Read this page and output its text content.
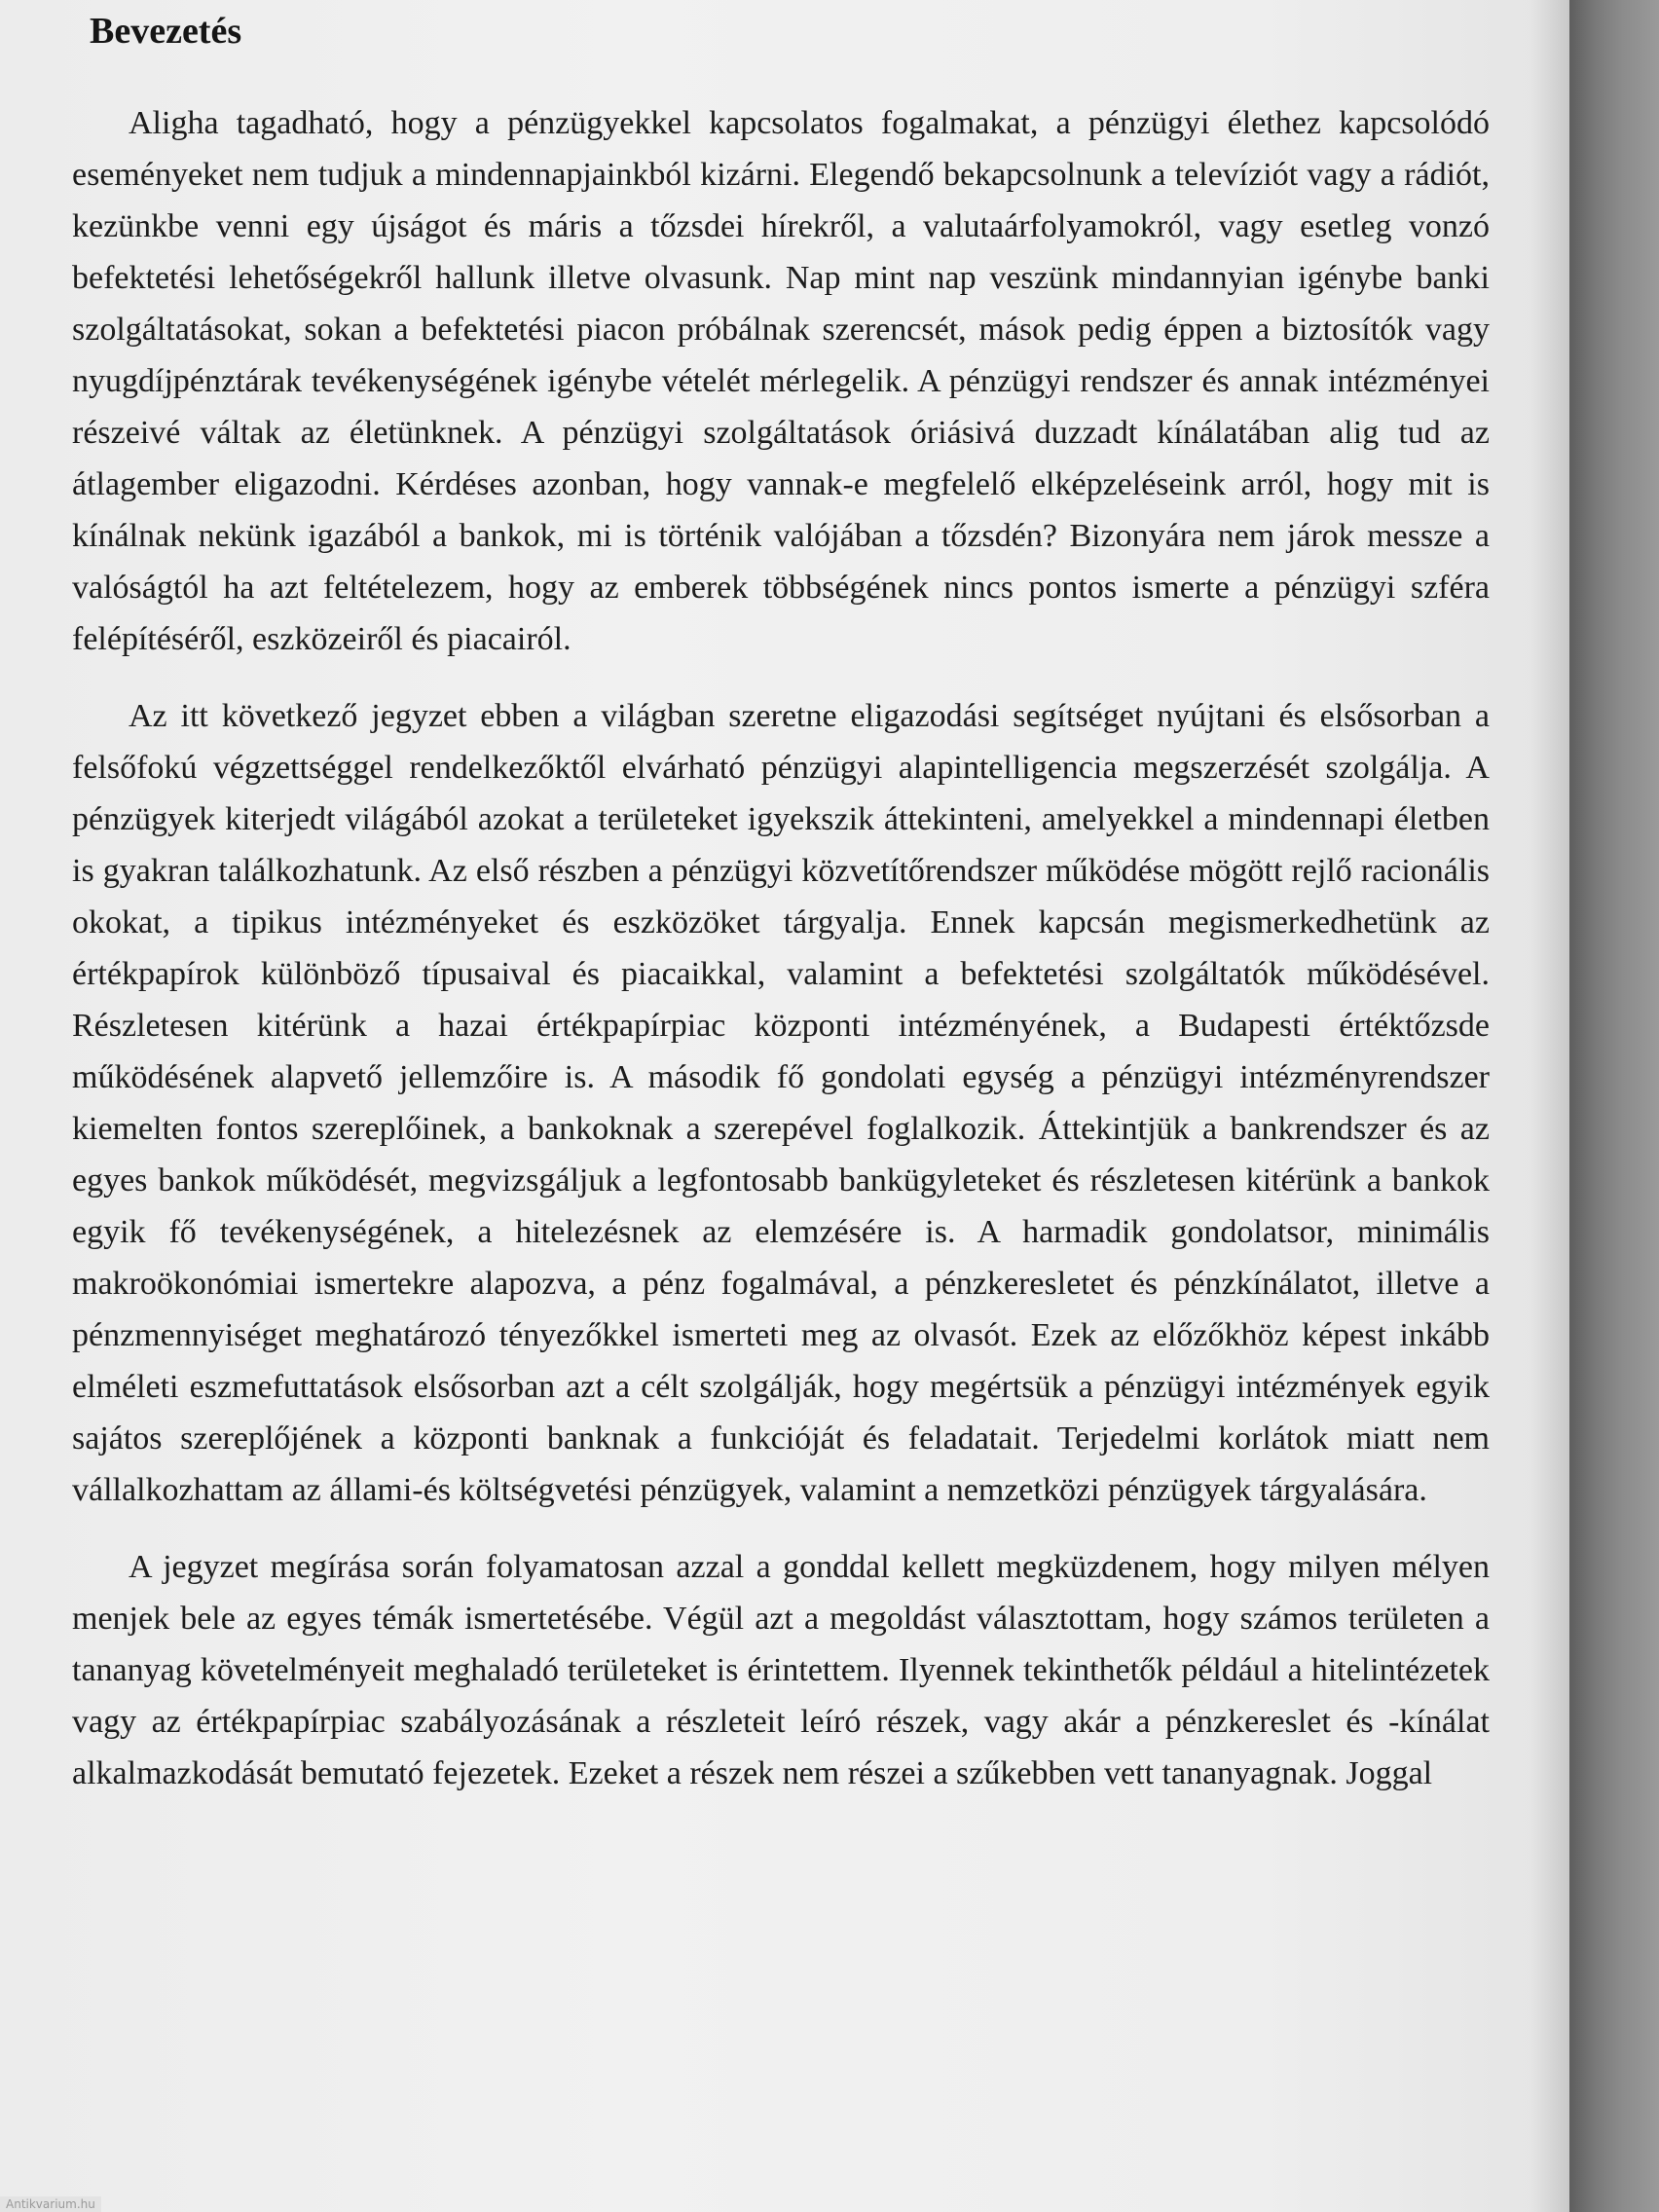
Bevezetés

Aligha tagadható, hogy a pénzügyekkel kapcsolatos fogalmakat, a pénzügyi élethez kapcsolódó eseményeket nem tudjuk a mindennapjainkból kizárni. Elegendő bekapcsolnunk a televíziót vagy a rádiót, kezünkbe venni egy újságot és máris a tőzsdei hírekről, a valutaárfolyamokról, vagy esetleg vonzó befektetési lehetőségekről hallunk illetve olvasunk. Nap mint nap veszünk mindannyian igénybe banki szolgáltatásokat, sokan a befektetési piacon próbálnak szerencsét, mások pedig éppen a biztosítók vagy nyugdíjpénztárak tevékenységének igénybe vételét mérlegelik. A pénzügyi rendszer és annak intézményei részeivé váltak az életünknek. A pénzügyi szolgáltatások óriásivá duzzadt kínálatában alig tud az átlagember eligazodni. Kérdéses azonban, hogy vannak-e megfelelő elképzeléseink arról, hogy mit is kínálnak nekünk igazából a bankok, mi is történik valójában a tőzsdén? Bizonyára nem járok messze a valóságtól ha azt feltételezem, hogy az emberek többségének nincs pontos ismerte a pénzügyi szféra felépítéséről, eszközeiről és piacairól.

Az itt következő jegyzet ebben a világban szeretne eligazodási segítséget nyújtani és elsősorban a felsőfokú végzettséggel rendelkezőktől elvárható pénzügyi alapintelligencia megszerzését szolgálja. A pénzügyek kiterjedt világából azokat a területeket igyekszik áttekinteni, amelyekkel a mindennapi életben is gyakran találkozhatunk. Az első részben a pénzügyi közvetítőrendszer működése mögött rejlő racionális okokat, a tipikus intézményeket és eszközöket tárgyalja. Ennek kapcsán megismerkedhetünk az értékpapírok különböző típusaival és piacaikkal, valamint a befektetési szolgáltatók működésével. Részletesen kitérünk a hazai értékpapírpiac központi intézményének, a Budapesti értéktőzsde működésének alapvető jellemzőire is. A második fő gondolati egység a pénzügyi intézményrendszer kiemelten fontos szereplőinek, a bankoknak a szerepével foglalkozik. Áttekintjük a bankrendszer és az egyes bankok működését, megvizsgáljuk a legfontosabb bankügyleteket és részletesen kitérünk a bankok egyik fő tevékenységének, a hitelezésnek az elemzésére is. A harmadik gondolatsor, minimális makroökonómiai ismertekre alapozva, a pénz fogalmával, a pénzkeresletet és pénzkínálatot, illetve a pénzmennyiséget meghatározó tényezőkkel ismerteti meg az olvasót. Ezek az előzőkhöz képest inkább elméleti eszmefuttatások elsősorban azt a célt szolgálják, hogy megértsük a pénzügyi intézmények egyik sajátos szereplőjének a központi banknak a funkcióját és feladatait. Terjedelmi korlátok miatt nem vállalkozhattam az állami-és költségvetési pénzügyek, valamint a nemzetközi pénzügyek tárgyalására.

A jegyzet megírása során folyamatosan azzal a gonddal kellett megküzdenem, hogy milyen mélyen menjek bele az egyes témák ismertetésébe. Végül azt a megoldást választottam, hogy számos területen a tananyag követelményeit meghaladó területeket is érintettem. Ilyennek tekinthetők például a hitelintézetek vagy az értékpapírpiac szabályozásának a részleteit leíró részek, vagy akár a pénzkereslet és -kínálat alkalmazkodását bemutató fejezetek. Ezeket a részek nem részei a szűkebben vett tananyagnak. Joggal

Antikvarium.hu
